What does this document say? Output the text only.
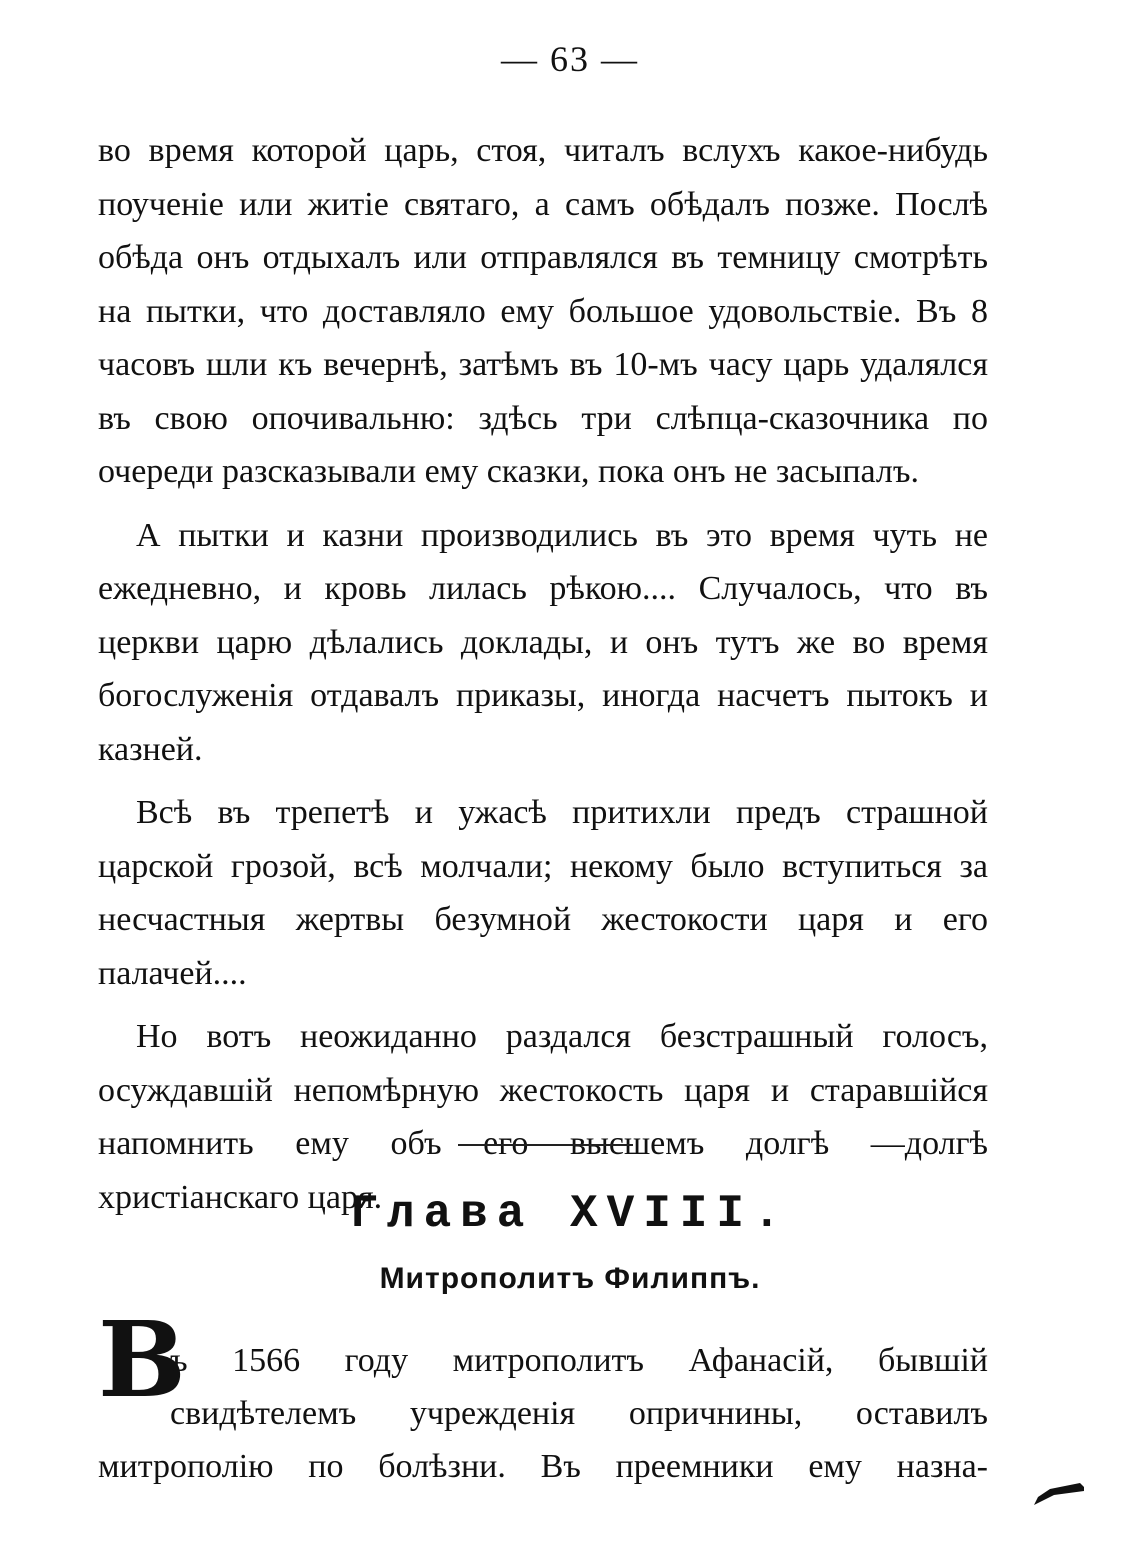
— 63 —

во время которой царь, стоя, читалъ вслухъ какое-нибудь поученіе или житіе святаго, а самъ обѣдалъ позже. Послѣ обѣда онъ отдыхалъ или отправлялся въ темницу смотрѣть на пытки, что доставляло ему большое удовольствіе. Въ 8 часовъ шли къ вечернѣ, затѣмъ въ 10-мъ часу царь удалялся въ свою опочивальню: здѣсь три слѣпца-сказочника по очереди разсказывали ему сказки, пока онъ не засыпалъ.

А пытки и казни производились въ это время чуть не ежедневно, и кровь лилась рѣкою.... Случалось, что въ церкви царю дѣлались доклады, и онъ тутъ же во время богослуженія отдавалъ приказы, иногда насчетъ пытокъ и казней.

Всѣ въ трепетѣ и ужасѣ притихли предъ страшной царской грозой, всѣ молчали; некому было вступиться за несчастныя жертвы безумной жестокости царя и его палачей....

Но вотъ неожиданно раздался безстрашный голосъ, осуждавшій непомѣрную жестокость царя и старавшійся напомнить ему объ его высшемъ долгѣ —долгѣ христіанскаго царя.

Глава XVIII.
Митрополитъ Филиппъ.
В
ъ 1566 году митрополитъ Афанасій, бывшій
свидѣтелемъ учрежденія опричнины, оставилъ
митрополію по болѣзни. Въ преемники ему назна-
